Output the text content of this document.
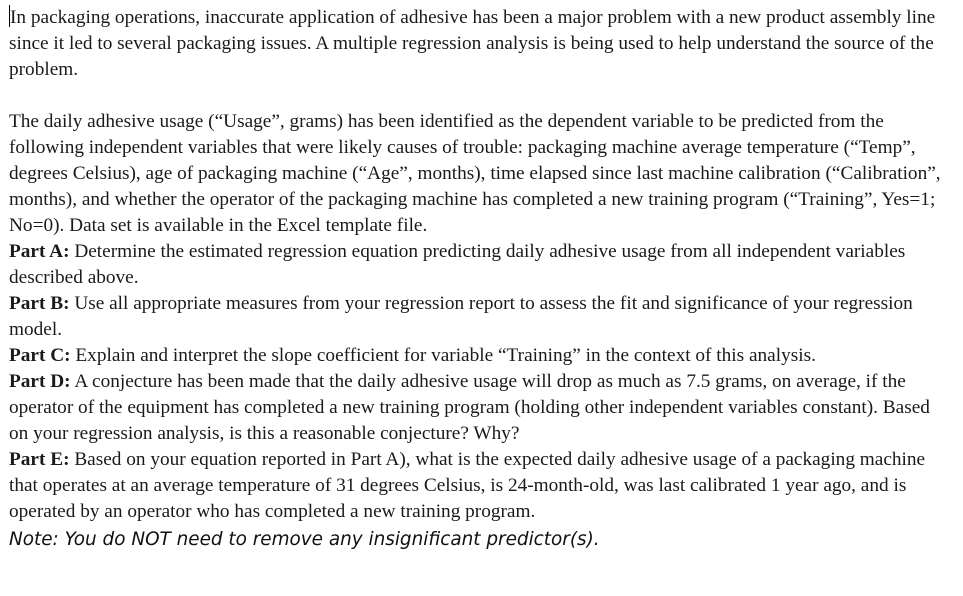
In packaging operations, inaccurate application of adhesive has been a major problem with a new product assembly line since it led to several packaging issues. A multiple regression analysis is being used to help understand the source of the problem.

The daily adhesive usage (“Usage”, grams) has been identified as the dependent variable to be predicted from the following independent variables that were likely causes of trouble: packaging machine average temperature (“Temp”, degrees Celsius), age of packaging machine (“Age”, months), time elapsed since last machine calibration (“Calibration”, months), and whether the operator of the packaging machine has completed a new training program (“Training”, Yes=1; No=0). Data set is available in the Excel template file.

Part A: Determine the estimated regression equation predicting daily adhesive usage from all independent variables described above.

Part B: Use all appropriate measures from your regression report to assess the fit and significance of your regression model.

Part C: Explain and interpret the slope coefficient for variable “Training” in the context of this analysis.

Part D: A conjecture has been made that the daily adhesive usage will drop as much as 7.5 grams, on average, if the operator of the equipment has completed a new training program (holding other independent variables constant). Based on your regression analysis, is this a reasonable conjecture? Why?

Part E: Based on your equation reported in Part A), what is the expected daily adhesive usage of a packaging machine that operates at an average temperature of 31 degrees Celsius, is 24-month-old, was last calibrated 1 year ago, and is operated by an operator who has completed a new training program.

Note: You do NOT need to remove any insignificant predictor(s).
